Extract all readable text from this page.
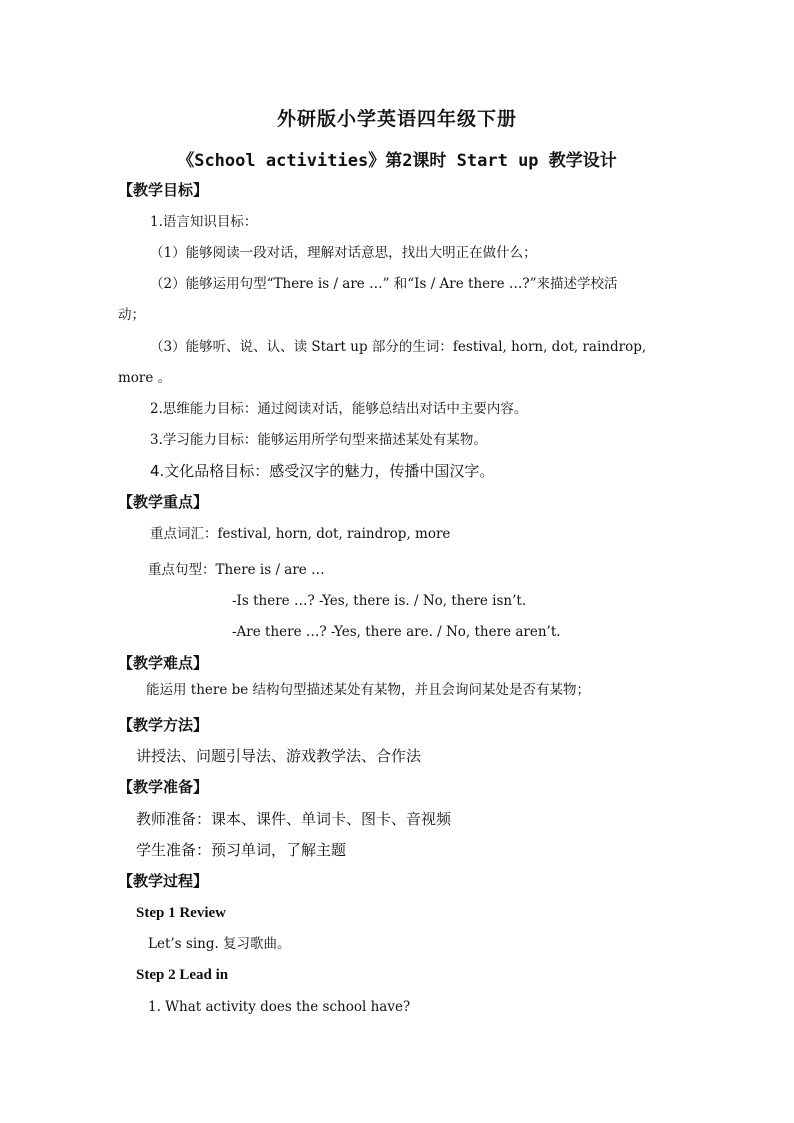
外研版小学英语四年级下册
《School activities》第2课时 Start up 教学设计
【教学目标】
1.语言知识目标：
（1）能够阅读一段对话，理解对话意思，找出大明正在做什么；
（2）能够运用句型“There is / are …” 和“Is / Are there …?”来描述学校活
动；
（3）能够听、说、认、读 Start up 部分的生词：festival, horn, dot, raindrop,
more 。
2.思维能力目标：通过阅读对话，能够总结出对话中主要内容。
3.学习能力目标：能够运用所学句型来描述某处有某物。
4.文化品格目标：感受汉字的魅力，传播中国汉字。
【教学重点】
重点词汇：festival, horn, dot, raindrop, more
重点句型：There is / are …
-Is there …? -Yes, there is. / No, there isn’t.
-Are there …? -Yes, there are. / No, there aren’t.
【教学难点】
能运用 there be 结构句型描述某处有某物，并且会询问某处是否有某物；
【教学方法】
讲授法、问题引导法、游戏教学法、合作法
【教学准备】
教师准备：课本、课件、单词卡、图卡、音视频
学生准备：预习单词，了解主题
【教学过程】
Step 1 Review
Let’s sing. 复习歌曲。
Step 2 Lead in
1. What activity does the school have?
